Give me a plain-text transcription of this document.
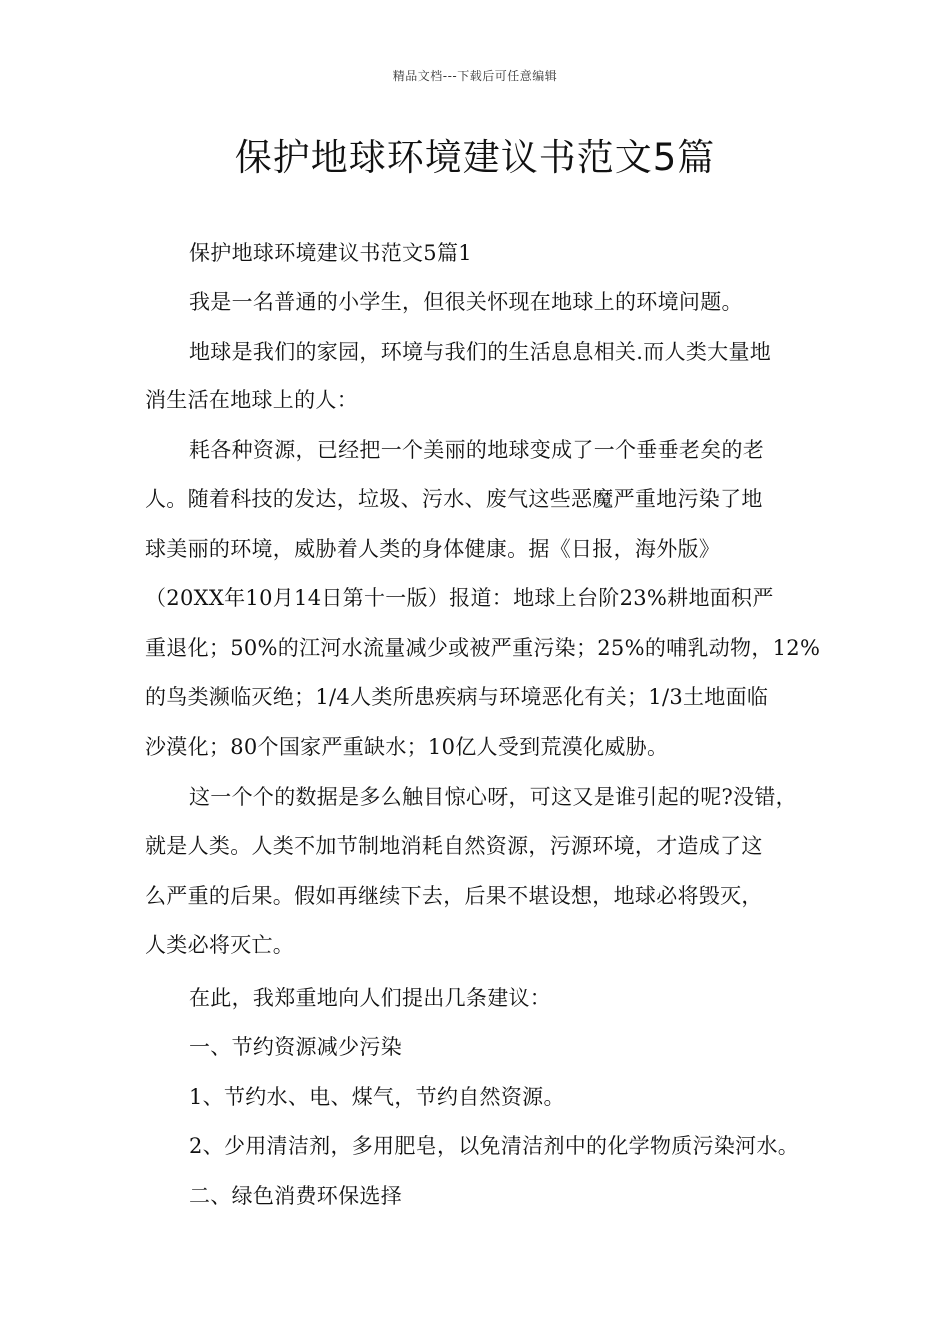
精品文档---下载后可任意编辑
保护地球环境建议书范文5篇
保护地球环境建议书范文5篇1
我是一名普通的小学生，但很关怀现在地球上的环境问题。
地球是我们的家园，环境与我们的生活息息相关.而人类大量地
消生活在地球上的人：
耗各种资源，已经把一个美丽的地球变成了一个垂垂老矣的老
人。随着科技的发达，垃圾、污水、废气这些恶魔严重地污染了地
球美丽的环境，威胁着人类的身体健康。据《日报，海外版》
（20XX年10月14日第十一版）报道：地球上台阶23%耕地面积严
重退化；50%的江河水流量减少或被严重污染；25%的哺乳动物，12%
的鸟类濒临灭绝；1/4人类所患疾病与环境恶化有关；1/3土地面临
沙漠化；80个国家严重缺水；10亿人受到荒漠化威胁。
这一个个的数据是多么触目惊心呀，可这又是谁引起的呢?没错，
就是人类。人类不加节制地消耗自然资源，污源环境，才造成了这
么严重的后果。假如再继续下去，后果不堪设想，地球必将毁灭，
人类必将灭亡。
在此，我郑重地向人们提出几条建议：
一、节约资源减少污染
1、节约水、电、煤气，节约自然资源。
2、少用清洁剂，多用肥皂，以免清洁剂中的化学物质污染河水。
二、绿色消费环保选择
